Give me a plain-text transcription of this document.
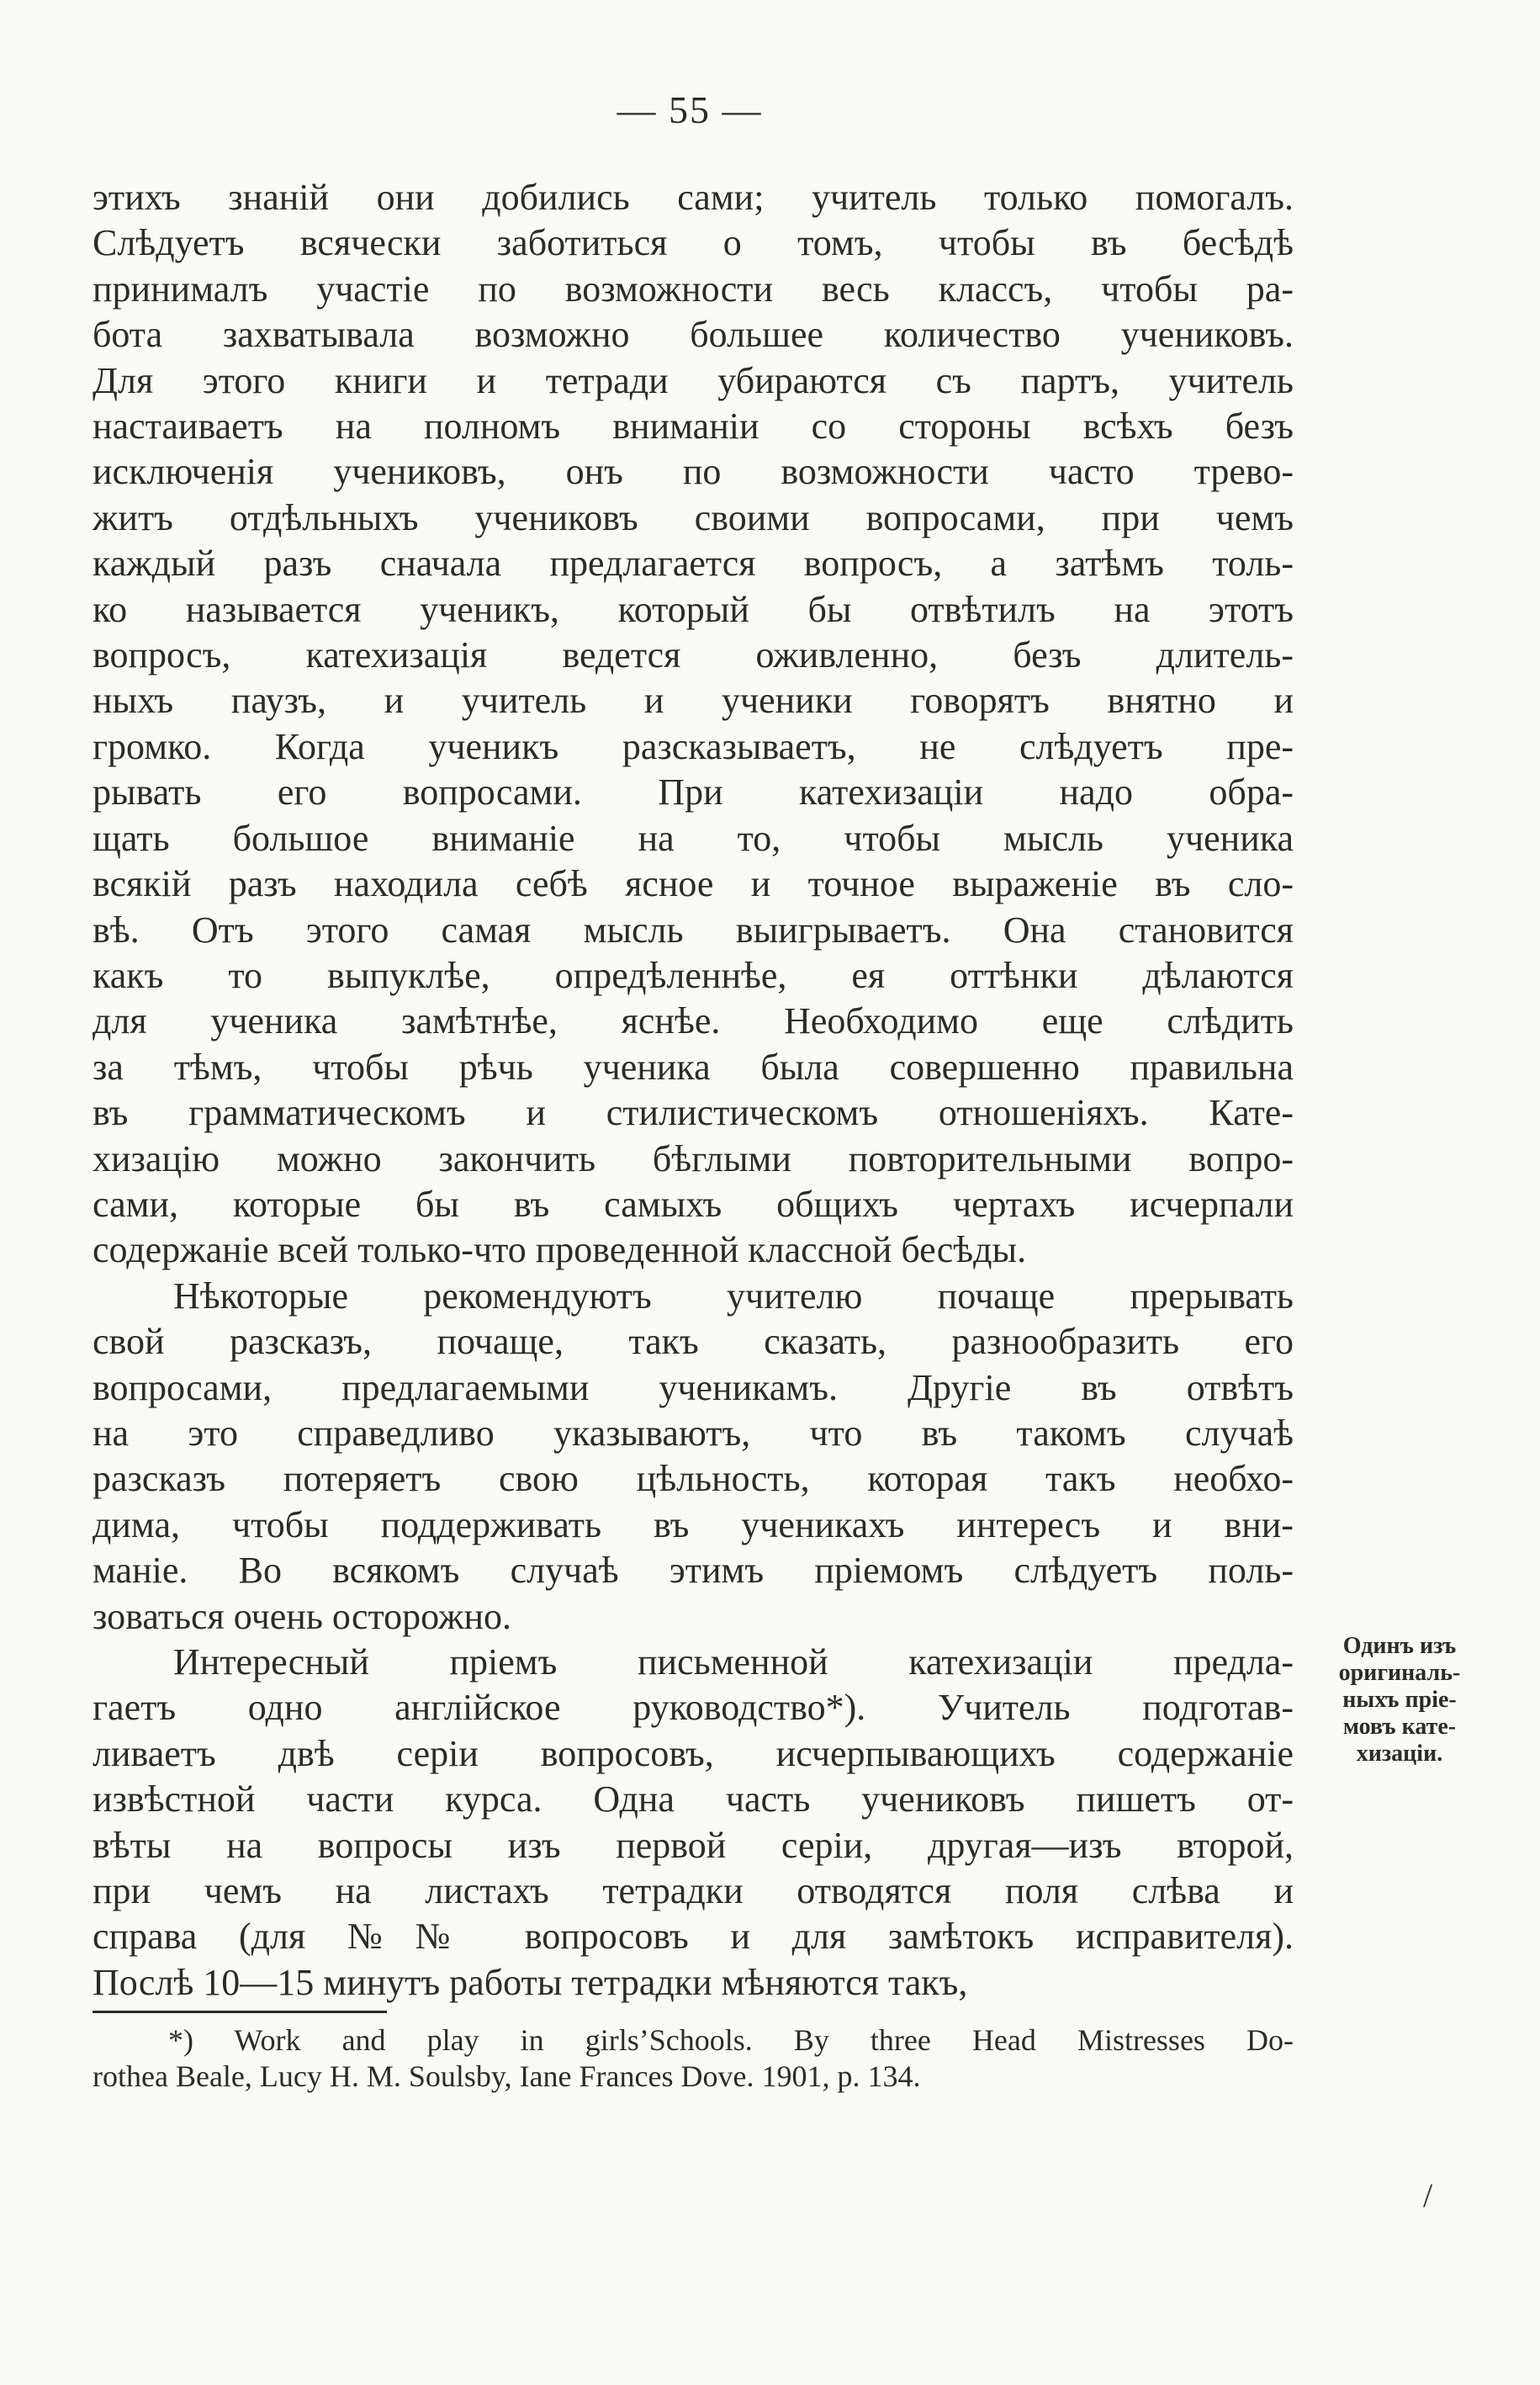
— 55 —
этихъ знаній они добились сами; учитель только помогалъ.
Слѣдуетъ всячески заботиться о томъ, чтобы въ бесѣдѣ
принималъ участіе по возможности весь классъ, чтобы ра-
бота захватывала возможно большее количество учениковъ.
Для этого книги и тетради убираются съ партъ, учитель
настаиваетъ на полномъ вниманіи со стороны всѣхъ безъ
исключенія учениковъ, онъ по возможности часто трево-
житъ отдѣльныхъ учениковъ своими вопросами, при чемъ
каждый разъ сначала предлагается вопросъ, а затѣмъ толь-
ко называется ученикъ, который бы отвѣтилъ на этотъ
вопросъ, катехизація ведется оживленно, безъ длитель-
ныхъ паузъ, и учитель и ученики говорятъ внятно и
громко. Когда ученикъ разсказываетъ, не слѣдуетъ пре-
рывать его вопросами. При катехизаціи надо обра-
щать большое вниманіе на то, чтобы мысль ученика
всякій разъ находила себѣ ясное и точное выраженіе въ сло-
вѣ. Отъ этого самая мысль выигрываетъ. Она становится
какъ то выпуклѣе, опредѣленнѣе, ея оттѣнки дѣлаются
для ученика замѣтнѣе, яснѣе. Необходимо еще слѣдить
за тѣмъ, чтобы рѣчь ученика была совершенно правильна
въ грамматическомъ и стилистическомъ отношеніяхъ. Кате-
хизацію можно закончить бѣглыми повторительными вопро-
сами, которые бы въ самыхъ общихъ чертахъ исчерпали
содержаніе всей только-что проведенной классной бесѣды.
Нѣкоторые рекомендуютъ учителю почаще прерывать
свой разсказъ, почаще, такъ сказать, разнообразить его
вопросами, предлагаемыми ученикамъ. Другіе въ отвѣтъ
на это справедливо указываютъ, что въ такомъ случаѣ
разсказъ потеряетъ свою цѣльность, которая такъ необхо-
дима, чтобы поддерживать въ ученикахъ интересъ и вни-
маніе. Во всякомъ случаѣ этимъ пріемомъ слѣдуетъ поль-
зоваться очень осторожно.
Интересный пріемъ письменной катехизаціи предла-
гаетъ одно англійское руководство*). Учитель подготав-
ливаетъ двѣ серіи вопросовъ, исчерпывающихъ содержаніе
извѣстной части курса. Одна часть учениковъ пишетъ от-
вѣты на вопросы изъ первой серіи, другая—изъ второй,
при чемъ на листахъ тетрадки отводятся поля слѣва и
справа (для №№ вопросовъ и для замѣтокъ исправителя).
Послѣ 10—15 минутъ работы тетрадки мѣняются такъ,
Одинъ изъ
оригиналь-
ныхъ пріе-
мовъ кате-
хизаціи.
*) Work and play in girls’Schools. By three Head Mistresses Do-
rothea Beale, Lucy H. M. Soulsby, Iane Frances Dove. 1901, p. 134.
/
